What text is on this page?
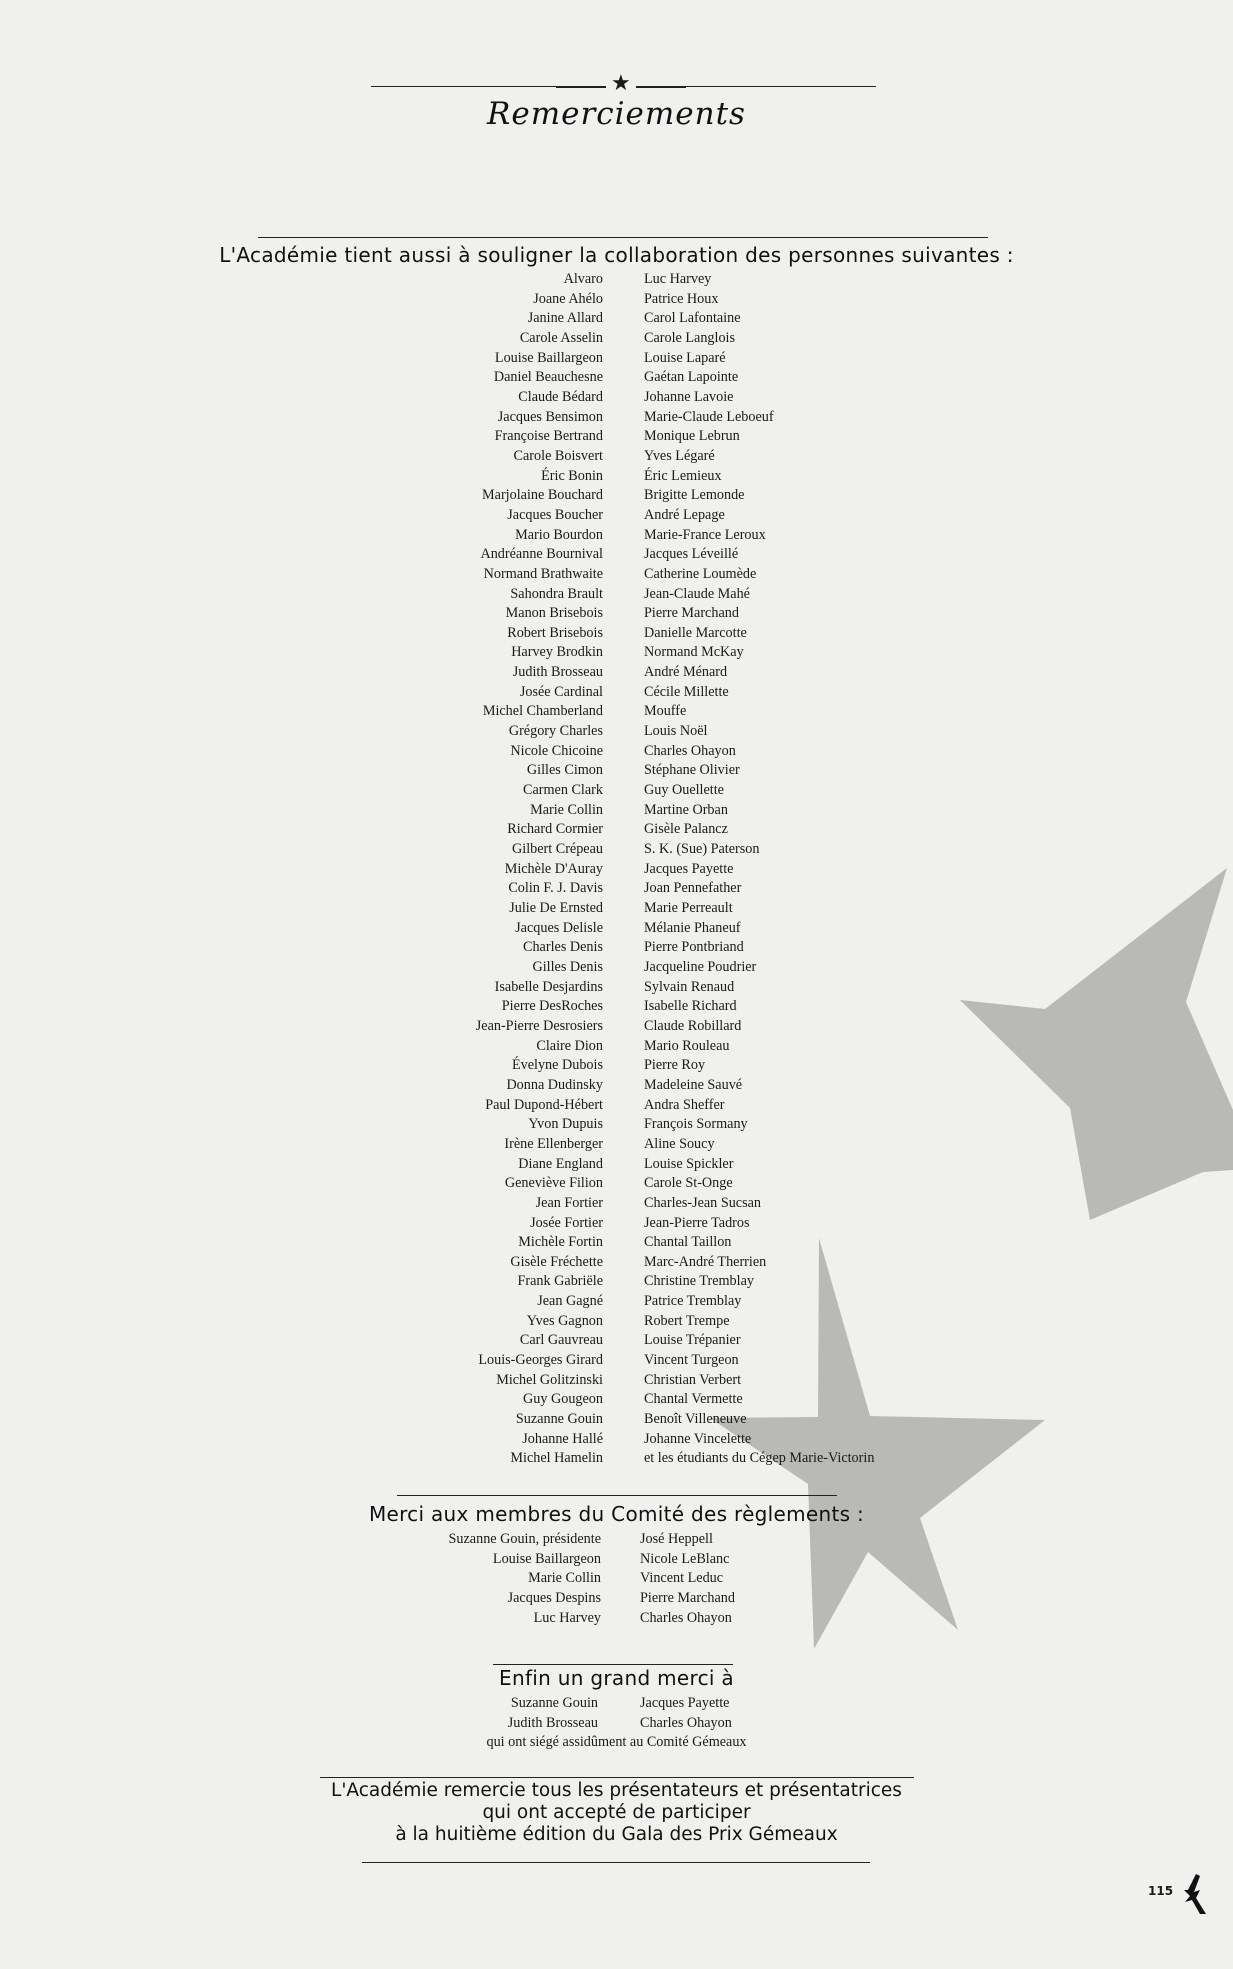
★
Remerciements
L'Académie tient aussi à souligner la collaboration des personnes suivantes :
Alvaro
Joane Ahélo
Janine Allard
Carole Asselin
Louise Baillargeon
Daniel Beauchesne
Claude Bédard
Jacques Bensimon
Françoise Bertrand
Carole Boisvert
Éric Bonin
Marjolaine Bouchard
Jacques Boucher
Mario Bourdon
Andréanne Bournival
Normand Brathwaite
Sahondra Brault
Manon Brisebois
Robert Brisebois
Harvey Brodkin
Judith Brosseau
Josée Cardinal
Michel Chamberland
Grégory Charles
Nicole Chicoine
Gilles Cimon
Carmen Clark
Marie Collin
Richard Cormier
Gilbert Crépeau
Michèle D'Auray
Colin F. J. Davis
Julie De Ernsted
Jacques Delisle
Charles Denis
Gilles Denis
Isabelle Desjardins
Pierre DesRoches
Jean-Pierre Desrosiers
Claire Dion
Évelyne Dubois
Donna Dudinsky
Paul Dupond-Hébert
Yvon Dupuis
Irène Ellenberger
Diane England
Geneviève Filion
Jean Fortier
Josée Fortier
Michèle Fortin
Gisèle Fréchette
Frank Gabriële
Jean Gagné
Yves Gagnon
Carl Gauvreau
Louis-Georges Girard
Michel Golitzinski
Guy Gougeon
Suzanne Gouin
Johanne Hallé
Michel Hamelin
Luc Harvey
Patrice Houx
Carol Lafontaine
Carole Langlois
Louise Laparé
Gaétan Lapointe
Johanne Lavoie
Marie-Claude Leboeuf
Monique Lebrun
Yves Légaré
Éric Lemieux
Brigitte Lemonde
André Lepage
Marie-France Leroux
Jacques Léveillé
Catherine Loumède
Jean-Claude Mahé
Pierre Marchand
Danielle Marcotte
Normand McKay
André Ménard
Cécile Millette
Mouffe
Louis Noël
Charles Ohayon
Stéphane Olivier
Guy Ouellette
Martine Orban
Gisèle Palancz
S. K. (Sue) Paterson
Jacques Payette
Joan Pennefather
Marie Perreault
Mélanie Phaneuf
Pierre Pontbriand
Jacqueline Poudrier
Sylvain Renaud
Isabelle Richard
Claude Robillard
Mario Rouleau
Pierre Roy
Madeleine Sauvé
Andra Sheffer
François Sormany
Aline Soucy
Louise Spickler
Carole St-Onge
Charles-Jean Sucsan
Jean-Pierre Tadros
Chantal Taillon
Marc-André Therrien
Christine Tremblay
Patrice Tremblay
Robert Trempe
Louise Trépanier
Vincent Turgeon
Christian Verbert
Chantal Vermette
Benoît Villeneuve
Johanne Vincelette
et les étudiants du Cégep Marie-Victorin
Merci aux membres du Comité des règlements :
Suzanne Gouin, présidente
Louise Baillargeon
Marie Collin
Jacques Despins
Luc Harvey
José Heppell
Nicole LeBlanc
Vincent Leduc
Pierre Marchand
Charles Ohayon
Enfin un grand merci à
Suzanne Gouin
Judith Brosseau
Jacques Payette
Charles Ohayon
qui ont siégé assidûment au Comité Gémeaux
L'Académie remercie tous les présentateurs et présentatrices
qui ont accepté de participer
à la huitième édition du Gala des Prix Gémeaux
115
